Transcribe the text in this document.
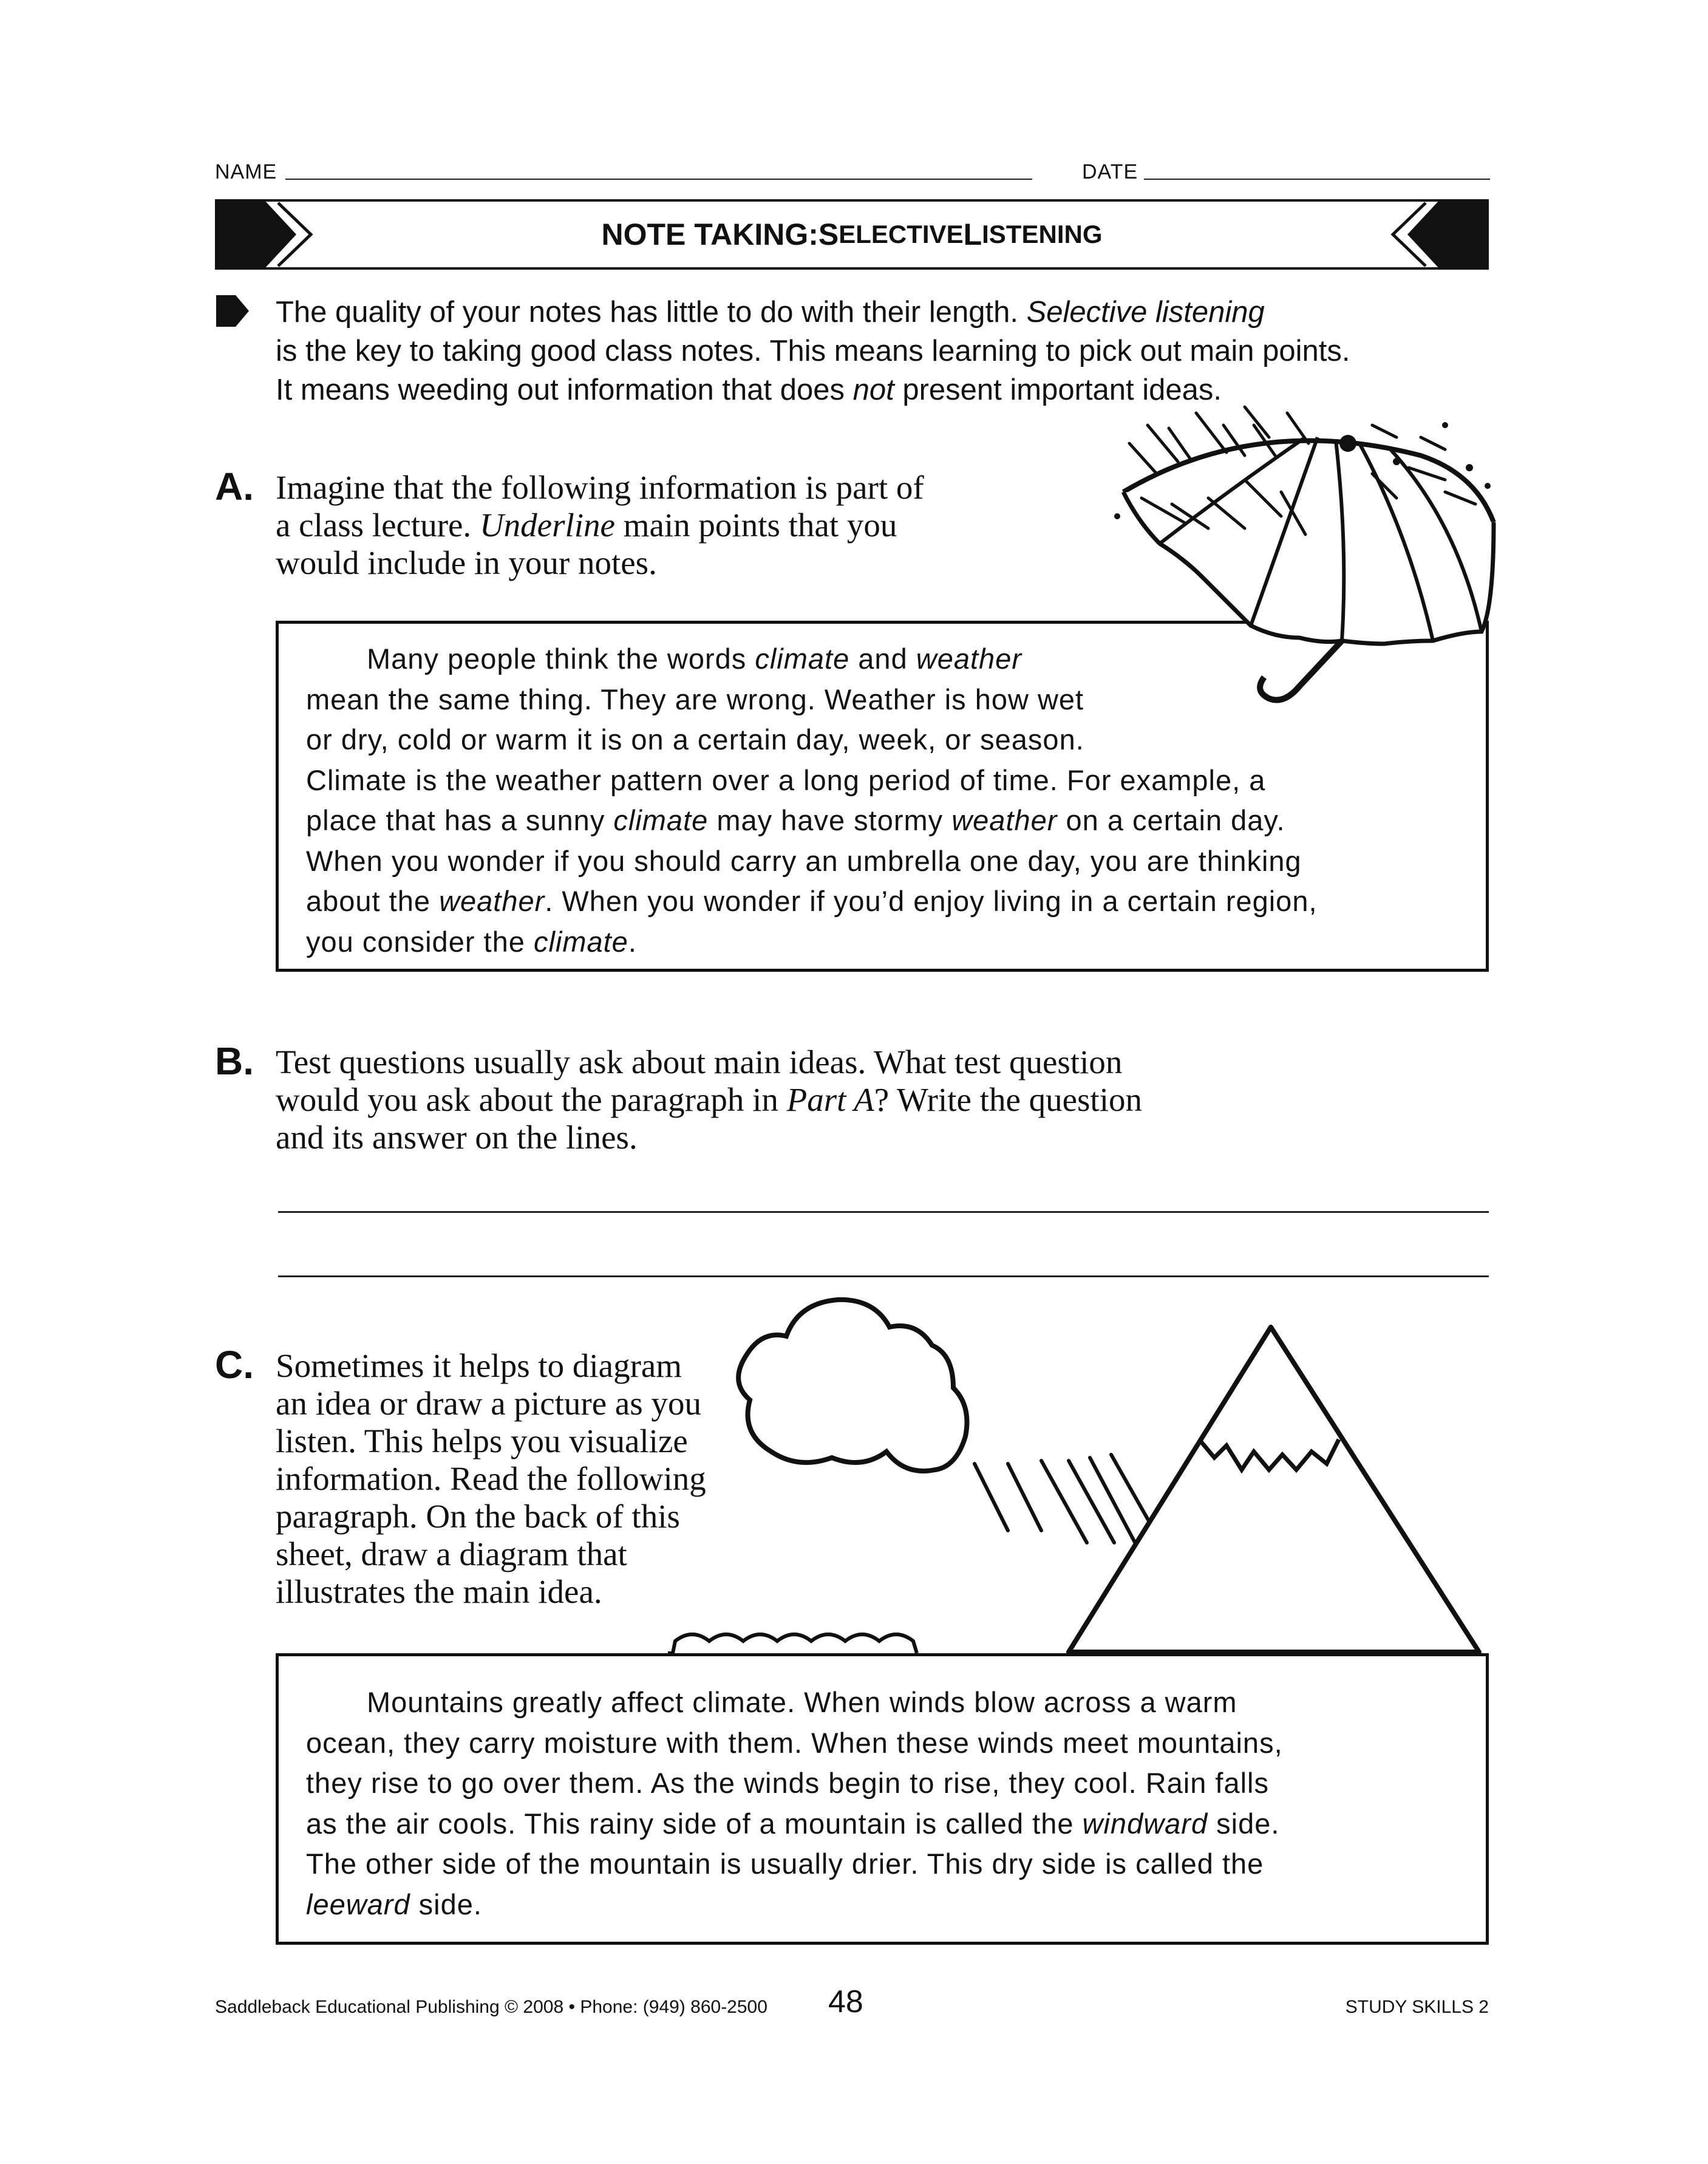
NAME	DATE
NOTE TAKING: S ELECTIVE L ISTENING
The quality of your notes has little to do with their length. Selective listening
is the key to taking good class notes. This means learning to pick out main points.
It means weeding out information that does not present important ideas.
A. Imagine that the following information is part of
a class lecture. Underline main points that you
would include in your notes.
Many people think the words climate and weather
mean the same thing. They are wrong. Weather is how wet
or dry, cold or warm it is on a certain day, week, or season.
Climate is the weather pattern over a long period of time. For example, a
place that has a sunny climate may have stormy weather on a certain day.
When you wonder if you should carry an umbrella one day, you are thinking
about the weather. When you wonder if you’d enjoy living in a certain region,
you consider the climate.
B. Test questions usually ask about main ideas. What test question
would you ask about the paragraph in Part A? Write the question
and its answer on the lines.
C. Sometimes it helps to diagram
an idea or draw a picture as you
listen. This helps you visualize
information. Read the following
paragraph. On the back of this
sheet, draw a diagram that
illustrates the main idea.
Mountains greatly affect climate. When winds blow across a warm
ocean, they carry moisture with them. When these winds meet mountains,
they rise to go over them. As the winds begin to rise, they cool. Rain falls
as the air cools. This rainy side of a mountain is called the windward side.
The other side of the mountain is usually drier. This dry side is called the
leeward side.
Saddleback Educational Publishing © 2008 • Phone: (949) 860-2500 48	STUDY SKILLS 2
